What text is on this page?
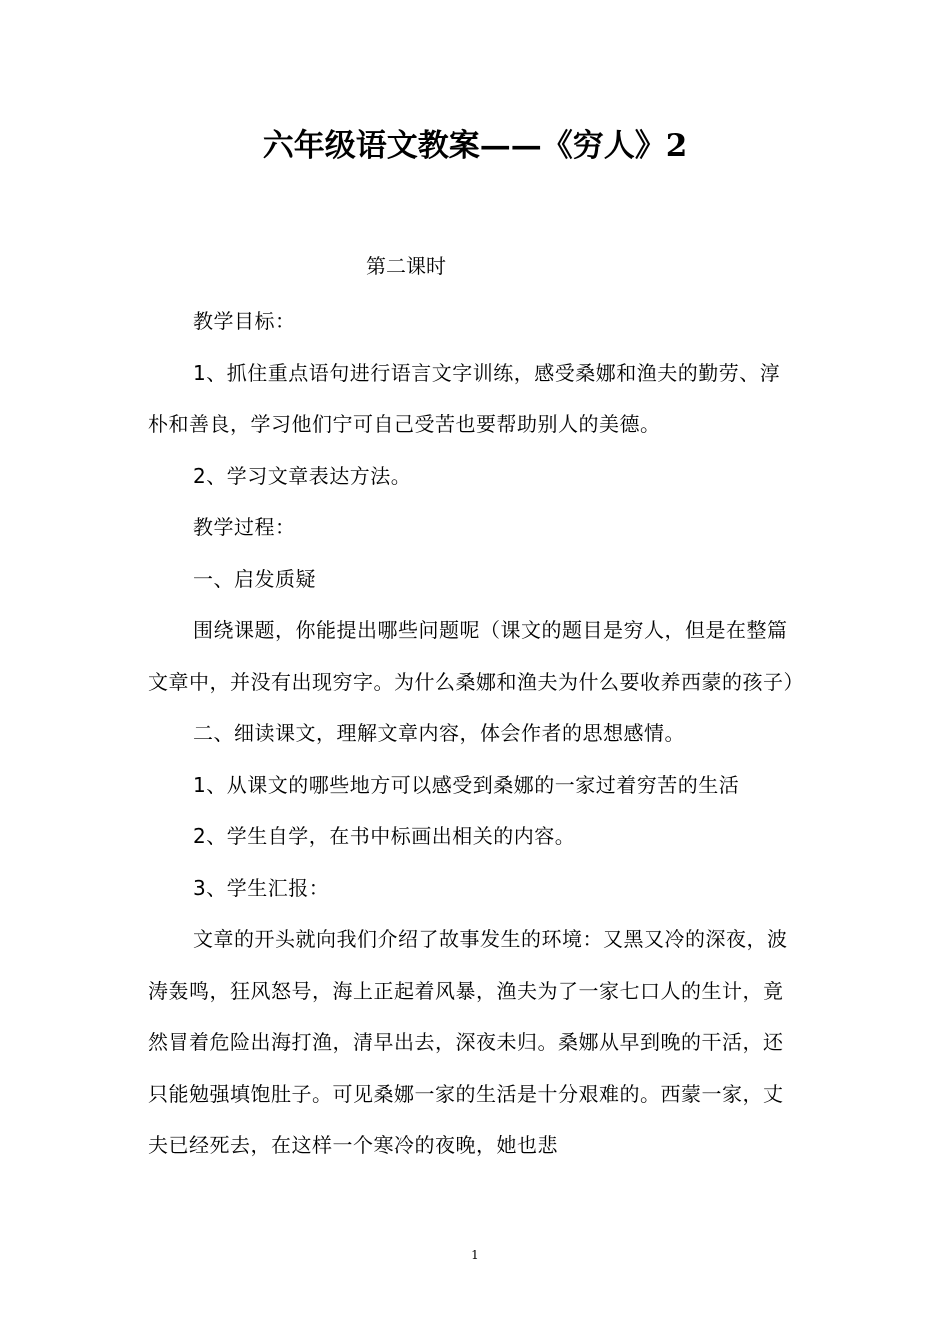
六年级语文教案——《穷人》2
第二课时

教学目标：

1、抓住重点语句进行语言文字训练，感受桑娜和渔夫的勤劳、淳朴和善良，学习他们宁可自己受苦也要帮助别人的美德。

2、学习文章表达方法。

教学过程：

一、启发质疑

围绕课题，你能提出哪些问题呢（课文的题目是穷人，但是在整篇文章中，并没有出现穷字。为什么桑娜和渔夫为什么要收养西蒙的孩子）

二、细读课文，理解文章内容，体会作者的思想感情。

1、从课文的哪些地方可以感受到桑娜的一家过着穷苦的生活

2、学生自学，在书中标画出相关的内容。

3、学生汇报：

文章的开头就向我们介绍了故事发生的环境：又黑又冷的深夜，波涛轰鸣，狂风怒号，海上正起着风暴，渔夫为了一家七口人的生计，竟然冒着危险出海打渔，清早出去，深夜未归。桑娜从早到晚的干活，还只能勉强填饱肚子。可见桑娜一家的生活是十分艰难的。西蒙一家，丈夫已经死去，在这样一个寒冷的夜晚，她也悲

1
